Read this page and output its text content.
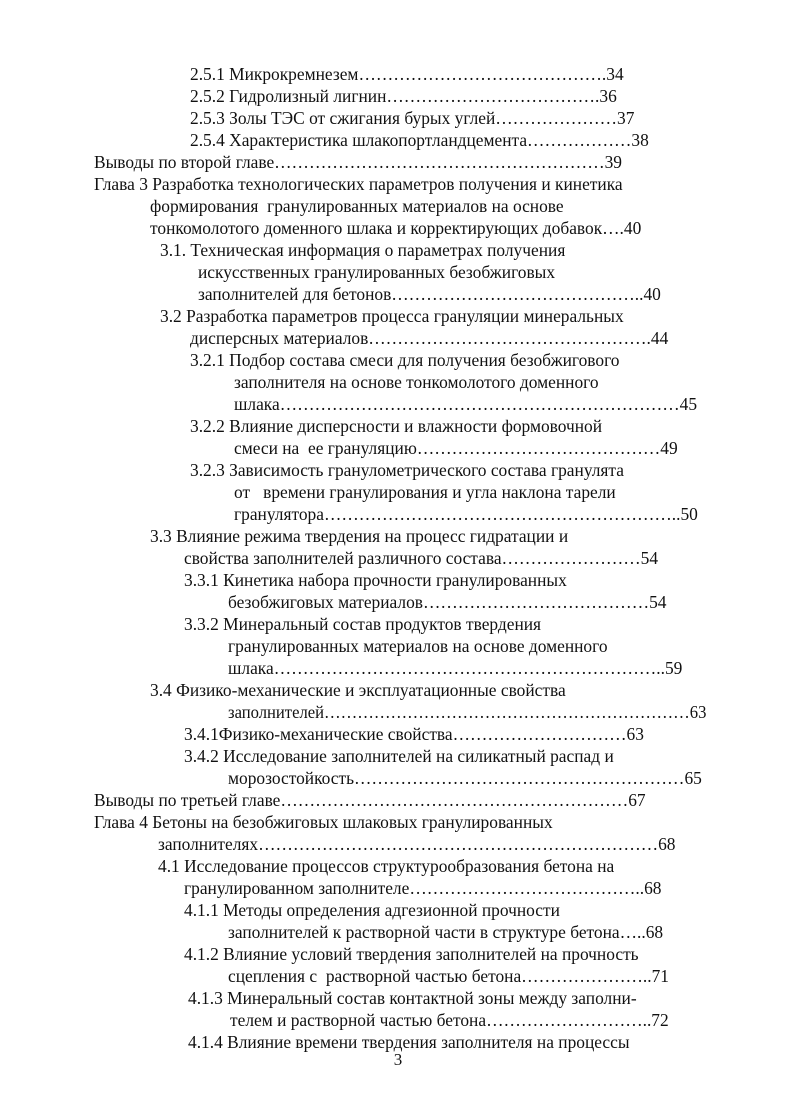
2.5.1 Микрокремнезем…………………………………….34
2.5.2 Гидролизный лигнин……………………………….36
2.5.3 Золы ТЭС от сжигания бурых углей…………………37
2.5.4 Характеристика шлакопортландцемента………………38
Выводы по второй главе…………………………………………………39
Глава 3 Разработка технологических параметров получения и кинетика
формирования  гранулированных материалов на основе
тонкомолотого доменного шлака и корректирующих добавок….40
3.1. Техническая информация о параметрах получения
искусственных гранулированных безобжиговых
заполнителей для бетонов……………………………………..40
3.2 Разработка параметров процесса грануляции минеральных
дисперсных материалов………………………………………….44
3.2.1 Подбор состава смеси для получения безобжигового
заполнителя на основе тонкомолотого доменного
шлака……………………………………………………………45
3.2.2 Влияние дисперсности и влажности формовочной
смеси на  ее грануляцию……………………………………49
3.2.3 Зависимость гранулометрического состава гранулята
от   времени гранулирования и угла наклона тарели
гранулятора……………………………………………………..50
3.3 Влияние режима твердения на процесс гидратации и
свойства заполнителей различного состава……………………54
3.3.1 Кинетика набора прочности гранулированных
безобжиговых материалов…………………………………54
3.3.2 Минеральный состав продуктов твердения
гранулированных материалов на основе доменного
шлака…………………………………………………………..59
3.4 Физико-механические и эксплуатационные свойства
заполнителей…………………………………………………………63
3.4.1Физико-механические свойства…………………………63
3.4.2 Исследование заполнителей на силикатный распад и
морозостойкость…………………………………………………65
Выводы по третьей главе……………………………………………………67
Глава 4 Бетоны на безобжиговых шлаковых гранулированных
заполнителях……………………………………………………………68
4.1 Исследование процессов структурообразования бетона на
гранулированном заполнителе…………………………………..68
4.1.1 Методы определения адгезионной прочности
заполнителей к растворной части в структуре бетона…..68
4.1.2 Влияние условий твердения заполнителей на прочность
сцепления с  растворной частью бетона…………………..71
4.1.3 Минеральный состав контактной зоны между заполни-
телем и растворной частью бетона………………………..72
4.1.4 Влияние времени твердения заполнителя на процессы
3
